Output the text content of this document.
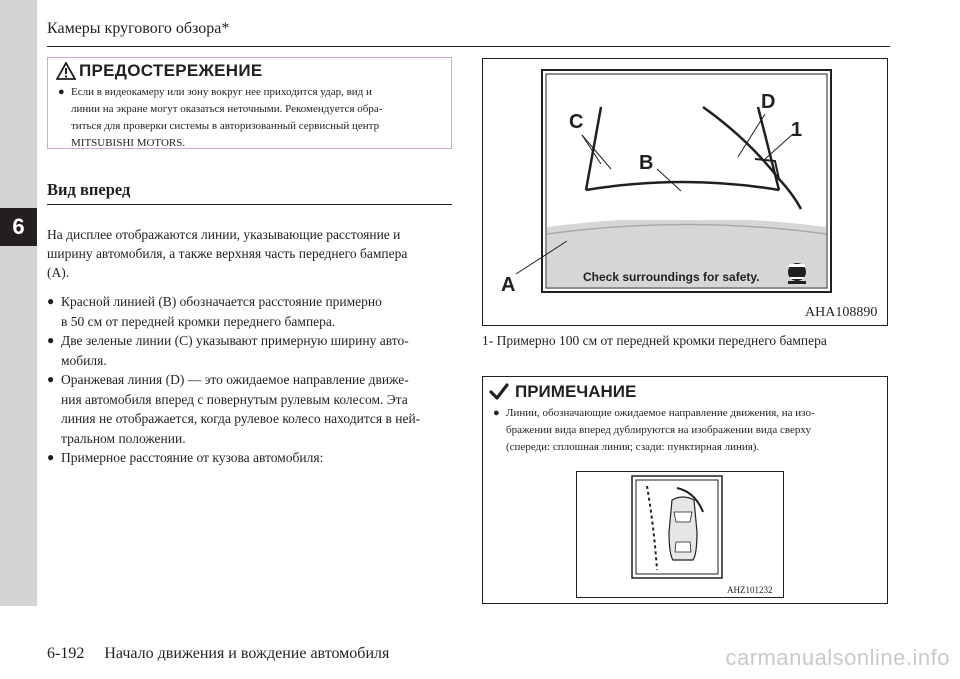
6
Камеры кругового обзора*
ПРЕДОСТЕРЕЖЕНИЕ
● Если в видеокамеру или зону вокруг нее приходится удар, вид и
линии на экране могут оказаться неточными. Рекомендуется обра-
титься для проверки системы в авторизованный сервисный центр
MITSUBISHI MOTORS.
Вид вперед
На дисплее отображаются линии, указывающие расстояние и
ширину автомобиля, а также верхняя часть переднего бампера
(A).
● Красной линией (B) обозначается расстояние примерно
в 50 см от передней кромки переднего бампера.
● Две зеленые линии (C) указывают примерную ширину авто-
мобиля.
● Оранжевая линия (D) — это ожидаемое направление движе-
ния автомобиля вперед с повернутым рулевым колесом. Эта
линия не отображается, когда рулевое колесо находится в ней-
тральном положении.
● Примерное расстояние от кузова автомобиля:
C
B
D
1
A	Check surroundings for safety.
AHA108890
1- Примерно 100 см от передней кромки переднего бампера
ПРИМЕЧАНИЕ
● Линии, обозначающие ожидаемое направление движения, на изо-
бражении вида вперед дублируются на изображении вида сверху
(спереди: сплошная линия; сзади: пунктирная линия).
AHZ101232
6-192 Начало движения и вождение автомобиля	carmanualsonline.info
